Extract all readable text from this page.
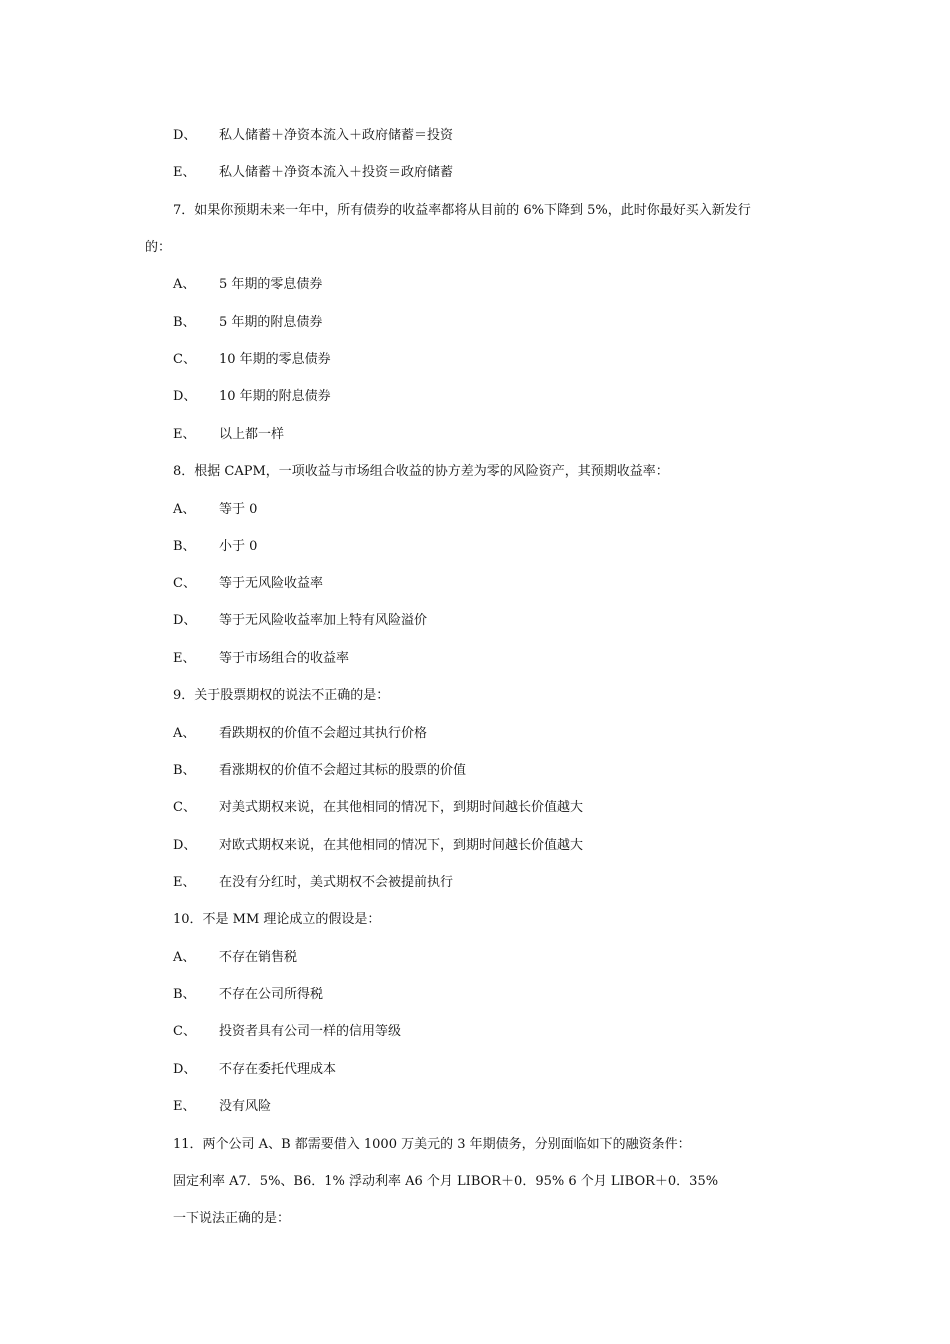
D、 私人储蓄＋净资本流入＋政府储蓄＝投资
E、 私人储蓄＋净资本流入＋投资＝政府储蓄
7．如果你预期未来一年中，所有债券的收益率都将从目前的 6%下降到 5%，此时你最好买入新发行
的：
A、 5 年期的零息债券
B、 5 年期的附息债券
C、 10 年期的零息债券
D、 10 年期的附息债券
E、 以上都一样
8．根据 CAPM，一项收益与市场组合收益的协方差为零的风险资产，其预期收益率：
A、 等于 0
B、 小于 0
C、 等于无风险收益率
D、 等于无风险收益率加上特有风险溢价
E、 等于市场组合的收益率
9．关于股票期权的说法不正确的是：
A、 看跌期权的价值不会超过其执行价格
B、 看涨期权的价值不会超过其标的股票的价值
C、 对美式期权来说，在其他相同的情况下，到期时间越长价值越大
D、 对欧式期权来说，在其他相同的情况下，到期时间越长价值越大
E、 在没有分红时，美式期权不会被提前执行
10．不是 MM 理论成立的假设是：
A、 不存在销售税
B、 不存在公司所得税
C、 投资者具有公司一样的信用等级
D、 不存在委托代理成本
E、 没有风险
11．两个公司 A、B 都需要借入 1000 万美元的 3 年期债务，分别面临如下的融资条件：
固定利率 A7．5%、B6．1% 浮动利率 A6 个月 LIBOR＋0．95% 6 个月 LIBOR＋0．35%
一下说法正确的是：
